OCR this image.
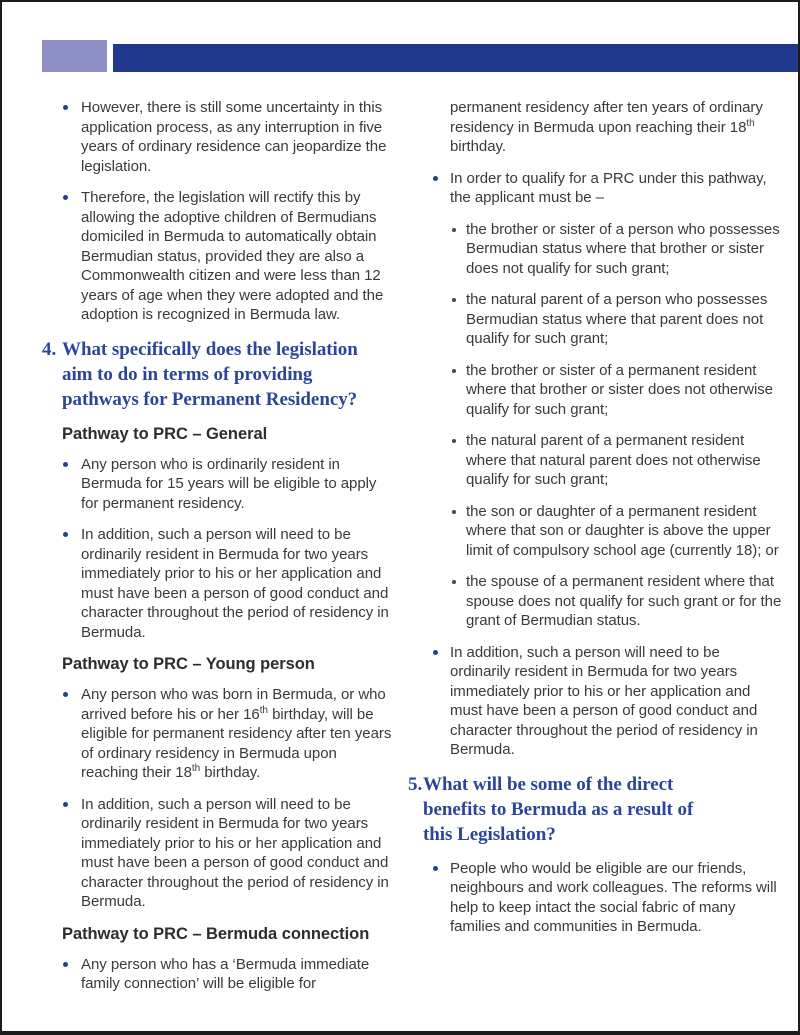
However, there is still some uncertainty in this application process, as any interruption in five years of ordinary residence can jeopardize the legislation.
Therefore, the legislation will rectify this by allowing the adoptive children of Bermudians domiciled in Bermuda to automatically obtain Bermudian status, provided they are also a Commonwealth citizen and were less than 12 years of age when they were adopted and the adoption is recognized in Bermuda law.
4. What specifically does the legislation aim to do in terms of providing pathways for Permanent Residency?
Pathway to PRC – General
Any person who is ordinarily resident in Bermuda for 15 years will be eligible to apply for permanent residency.
In addition, such a person will need to be ordinarily resident in Bermuda for two years immediately prior to his or her application and must have been a person of good conduct and character throughout the period of residency in Bermuda.
Pathway to PRC – Young person
Any person who was born in Bermuda, or who arrived before his or her 16th birthday, will be eligible for permanent residency after ten years of ordinary residency in Bermuda upon reaching their 18th birthday.
In addition, such a person will need to be ordinarily resident in Bermuda for two years immediately prior to his or her application and must have been a person of good conduct and character throughout the period of residency in Bermuda.
Pathway to PRC – Bermuda connection
Any person who has a ‘Bermuda immediate family connection’ will be eligible for
permanent residency after ten years of ordinary residency in Bermuda upon reaching their 18th birthday.
In order to qualify for a PRC under this pathway, the applicant must be –
the brother or sister of a person who possesses Bermudian status where that brother or sister does not qualify for such grant;
the natural parent of a person who possesses Bermudian status where that parent does not qualify for such grant;
the brother or sister of a permanent resident where that brother or sister does not otherwise qualify for such grant;
the natural parent of a permanent resident where that natural parent does not otherwise qualify for such grant;
the son or daughter of a permanent resident where that son or daughter is above the upper limit of compulsory school age (currently 18); or
the spouse of a permanent resident where that spouse does not qualify for such grant or for the grant of Bermudian status.
In addition, such a person will need to be ordinarily resident in Bermuda for two years immediately prior to his or her application and must have been a person of good conduct and character throughout the period of residency in Bermuda.
5. What will be some of the direct benefits to Bermuda as a result of this Legislation?
People who would be eligible are our friends, neighbours and work colleagues. The reforms will help to keep intact the social fabric of many families and communities in Bermuda.
